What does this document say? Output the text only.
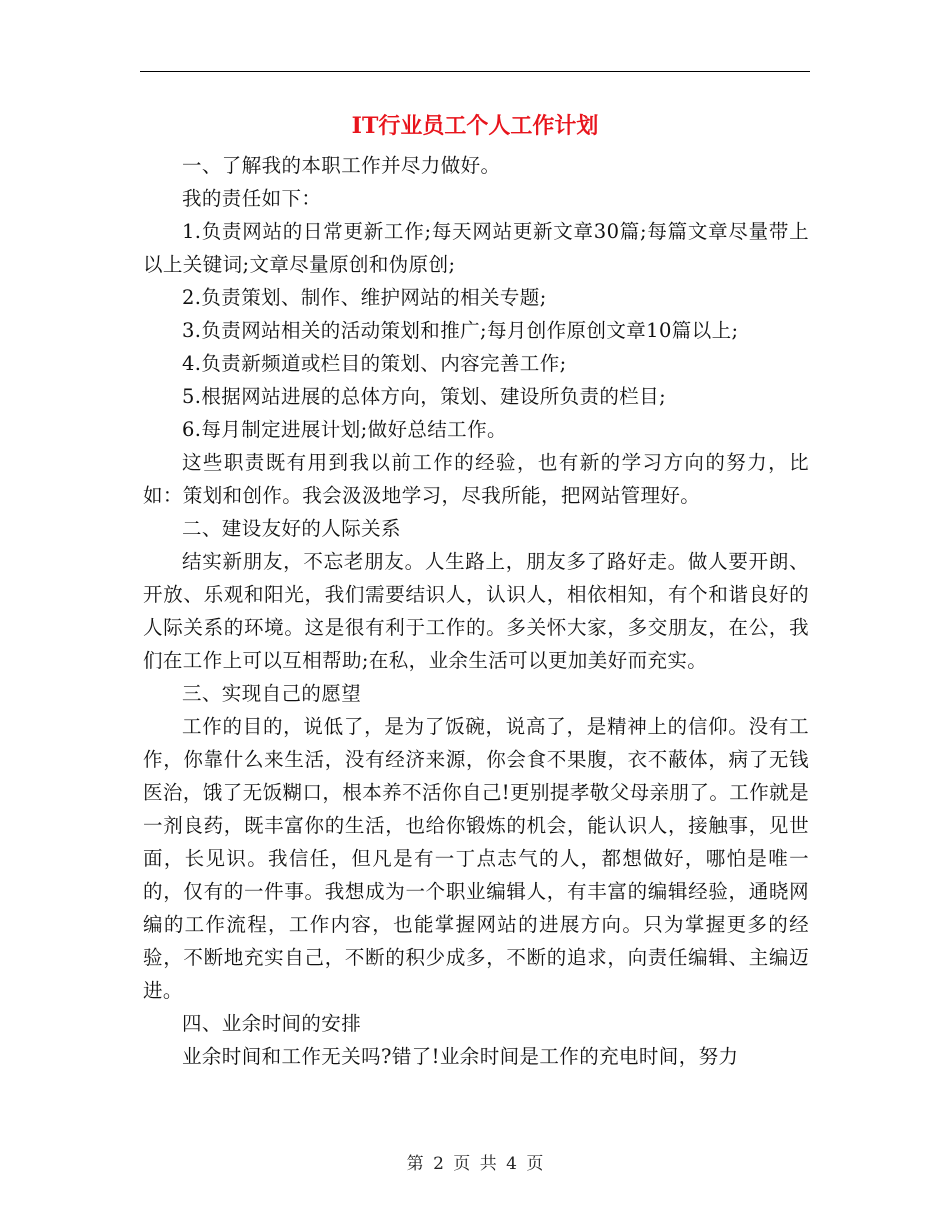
IT行业员工个人工作计划

一、了解我的本职工作并尽力做好。

我的责任如下：

1.负责网站的日常更新工作;每天网站更新文章30篇;每篇文章尽量带上以上关键词;文章尽量原创和伪原创;

2.负责策划、制作、维护网站的相关专题;

3.负责网站相关的活动策划和推广;每月创作原创文章10篇以上;

4.负责新频道或栏目的策划、内容完善工作;

5.根据网站进展的总体方向，策划、建设所负责的栏目;

6.每月制定进展计划;做好总结工作。

这些职责既有用到我以前工作的经验，也有新的学习方向的努力，比如：策划和创作。我会汲汲地学习，尽我所能，把网站管理好。

二、建设友好的人际关系

结实新朋友，不忘老朋友。人生路上，朋友多了路好走。做人要开朗、开放、乐观和阳光，我们需要结识人，认识人，相依相知，有个和谐良好的人际关系的环境。这是很有利于工作的。多关怀大家，多交朋友，在公，我们在工作上可以互相帮助;在私，业余生活可以更加美好而充实。

三、实现自己的愿望

工作的目的，说低了，是为了饭碗，说高了，是精神上的信仰。没有工作，你靠什么来生活，没有经济来源，你会食不果腹，衣不蔽体，病了无钱医治，饿了无饭糊口，根本养不活你自己!更别提孝敬父母亲朋了。工作就是一剂良药，既丰富你的生活，也给你锻炼的机会，能认识人，接触事，见世面，长见识。我信任，但凡是有一丁点志气的人，都想做好，哪怕是唯一的，仅有的一件事。我想成为一个职业编辑人，有丰富的编辑经验，通晓网编的工作流程，工作内容，也能掌握网站的进展方向。只为掌握更多的经验，不断地充实自己，不断的积少成多，不断的追求，向责任编辑、主编迈进。

四、业余时间的安排

业余时间和工作无关吗?错了!业余时间是工作的充电时间，努力

第 2 页 共 4 页
